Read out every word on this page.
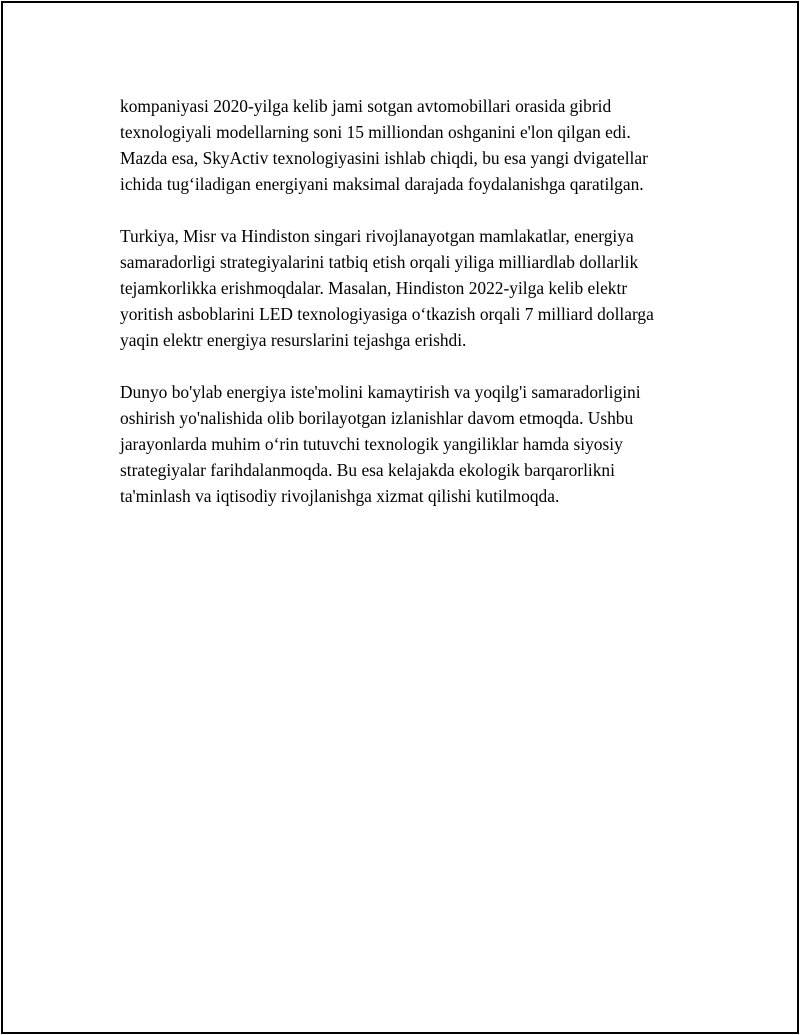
kompaniyasi 2020-yilga kelib jami sotgan avtomobillari orasida gibrid
texnologiyali modellarning soni 15 milliondan oshganini e'lon qilgan edi.
Mazda esa, SkyActiv texnologiyasini ishlab chiqdi, bu esa yangi dvigatellar
ichida tug‘iladigan energiyani maksimal darajada foydalanishga qaratilgan.

Turkiya, Misr va Hindiston singari rivojlanayotgan mamlakatlar, energiya
samaradorligi strategiyalarini tatbiq etish orqali yiliga milliardlab dollarlik
tejamkorlikka erishmoqdalar. Masalan, Hindiston 2022-yilga kelib elektr
yoritish asboblarini LED texnologiyasiga o‘tkazish orqali 7 milliard dollarga
yaqin elektr energiya resurslarini tejashga erishdi.

Dunyo bo'ylab energiya iste'molini kamaytirish va yoqilg'i samaradorligini
oshirish yo'nalishida olib borilayotgan izlanishlar davom etmoqda. Ushbu
jarayonlarda muhim o‘rin tutuvchi texnologik yangiliklar hamda siyosiy
strategiyalar farihdalanmoqda. Bu esa kelajakda ekologik barqarorlikni
ta'minlash va iqtisodiy rivojlanishga xizmat qilishi kutilmoqda.
